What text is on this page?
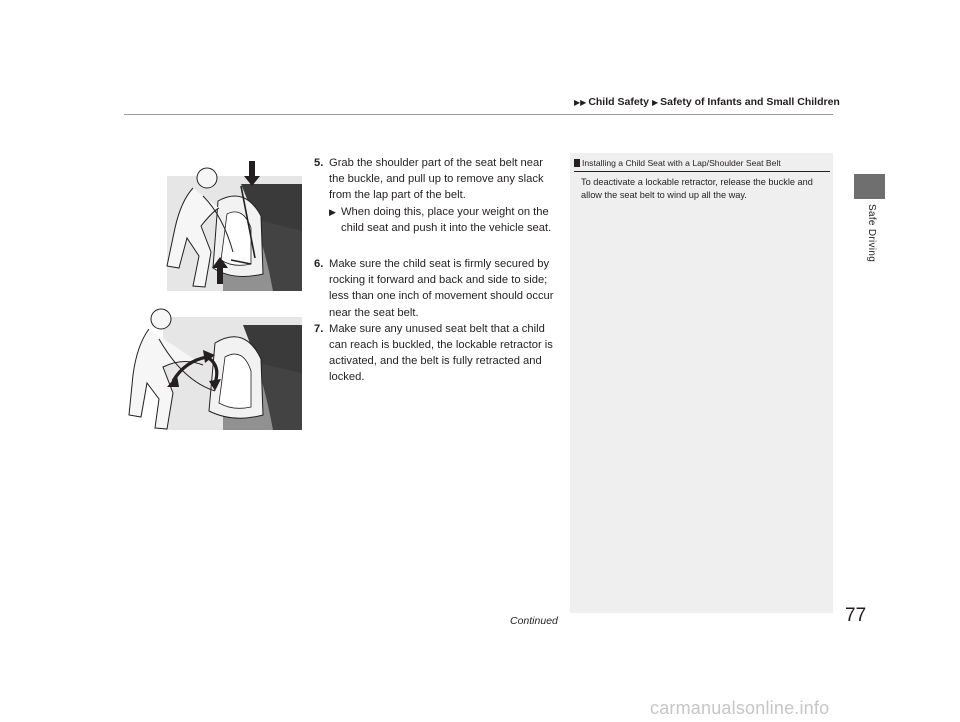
▶▶ Child Safety ▶ Safety of Infants and Small Children
Safe Driving
5. Grab the shoulder part of the seat belt near the buckle, and pull up to remove any slack from the lap part of the belt.
▶ When doing this, place your weight on the child seat and push it into the vehicle seat.
6. Make sure the child seat is firmly secured by rocking it forward and back and side to side; less than one inch of movement should occur near the seat belt.
7. Make sure any unused seat belt that a child can reach is buckled, the lockable retractor is activated, and the belt is fully retracted and locked.
Installing a Child Seat with a Lap/Shoulder Seat Belt
To deactivate a lockable retractor, release the buckle and allow the seat belt to wind up all the way.
Continued	77
carmanualsonline.info
